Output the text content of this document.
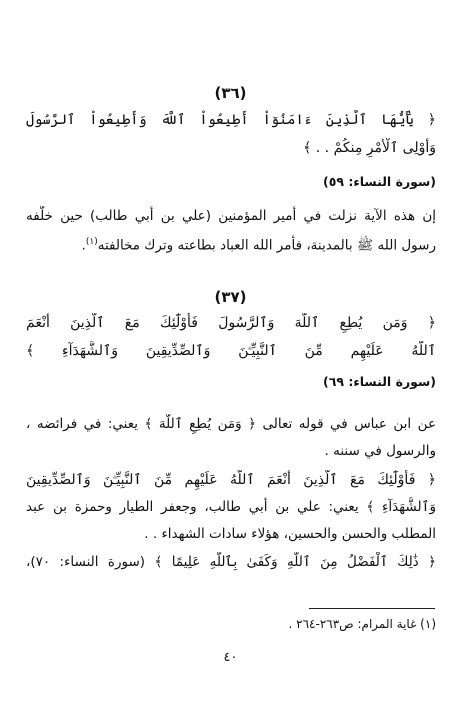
(٣٦)
﴿ يَٰٓأَيُّهَا ٱلَّذِينَ ءَامَنُوٓاْ أَطِيعُواْ ٱللَّهَ وَأَطِيعُواْ ٱلرَّسُولَ
وَأُوْلِى ٱلْأَمْرِ مِنكُمْ . . ﴾
(سورة النساء: ٥٩)
إن هذه الآية نزلت في أمير المؤمنين (علي بن أبي طالب) حين خلّفه
رسول الله ﷺ بالمدينة، فأمر الله العباد بطاعته وترك مخالفته$^{(١)}$.
(٣٧)
﴿ وَمَن يُطِعِ ٱللَّهَ وَٱلرَّسُولَ فَأُوْلَٰٓئِكَ مَعَ ٱلَّذِينَ أَنْعَمَ
ٱللَّهُ عَلَيْهِم مِّنَ ٱلنَّبِيِّـۧنَ وَٱلصِّدِّيقِينَ وَٱلشُّهَدَآءِ ﴾
(سورة النساء: ٦٩)
عن ابن عباس في قوله تعالى ﴿ وَمَن يُطِعِ ٱللَّهَ ﴾ يعني: في فرائضه ،
والرسول في سننه .
﴿ فَأُوْلَٰٓئِكَ مَعَ ٱلَّذِينَ أَنْعَمَ ٱللَّهُ عَلَيْهِم مِّنَ ٱلنَّبِيِّـۧنَ وَٱلصِّدِّيقِينَ
وَٱلشُّهَدَآءِ ﴾ يعني: علي بن أبي طالب، وجعفر الطيار وحمزة بن عبد
المطلب والحسن والحسين، هؤلاء سادات الشهداء . .
﴿ ذَٰلِكَ ٱلْفَضْلُ مِنَ ٱللَّهِ وَكَفَىٰ بِٱللَّهِ عَلِيمًا ﴾ (سورة النساء: ٧٠)،
(١) غاية المرام: ص٢٦٣-٢٦٤ .
٤٠
